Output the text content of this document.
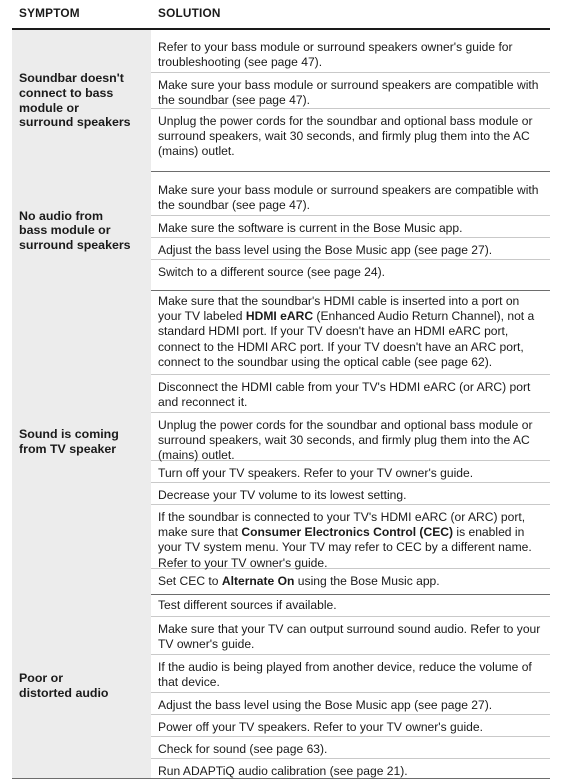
SYMPTOM	SOLUTION
Soundbar doesn't
connect to bass
module or
surround speakers
Refer to your bass module or surround speakers owner's guide for troubleshooting (see page 47).
Make sure your bass module or surround speakers are compatible with the soundbar (see page 47).
Unplug the power cords for the soundbar and optional bass module or surround speakers, wait 30 seconds, and firmly plug them into the AC (mains) outlet.
No audio from
bass module or
surround speakers
Make sure your bass module or surround speakers are compatible with the soundbar (see page 47).
Make sure the software is current in the Bose Music app.
Adjust the bass level using the Bose Music app (see page 27).
Switch to a different source (see page 24).
Sound is coming
from TV speaker
Make sure that the soundbar's HDMI cable is inserted into a port on your TV labeled HDMI eARC (Enhanced Audio Return Channel), not a standard HDMI port. If your TV doesn't have an HDMI eARC port, connect to the HDMI ARC port. If your TV doesn't have an ARC port, connect to the soundbar using the optical cable (see page 62).
Disconnect the HDMI cable from your TV's HDMI eARC (or ARC) port and reconnect it.
Unplug the power cords for the soundbar and optional bass module or surround speakers, wait 30 seconds, and firmly plug them into the AC (mains) outlet.
Turn off your TV speakers. Refer to your TV owner's guide.
Decrease your TV volume to its lowest setting.
If the soundbar is connected to your TV's HDMI eARC (or ARC) port, make sure that Consumer Electronics Control (CEC) is enabled in your TV system menu. Your TV may refer to CEC by a different name. Refer to your TV owner's guide.
Set CEC to Alternate On using the Bose Music app.
Poor or
distorted audio
Test different sources if available.
Make sure that your TV can output surround sound audio. Refer to your TV owner's guide.
If the audio is being played from another device, reduce the volume of that device.
Adjust the bass level using the Bose Music app (see page 27).
Power off your TV speakers. Refer to your TV owner's guide.
Check for sound (see page 63).
Run ADAPTiQ audio calibration (see page 21).
